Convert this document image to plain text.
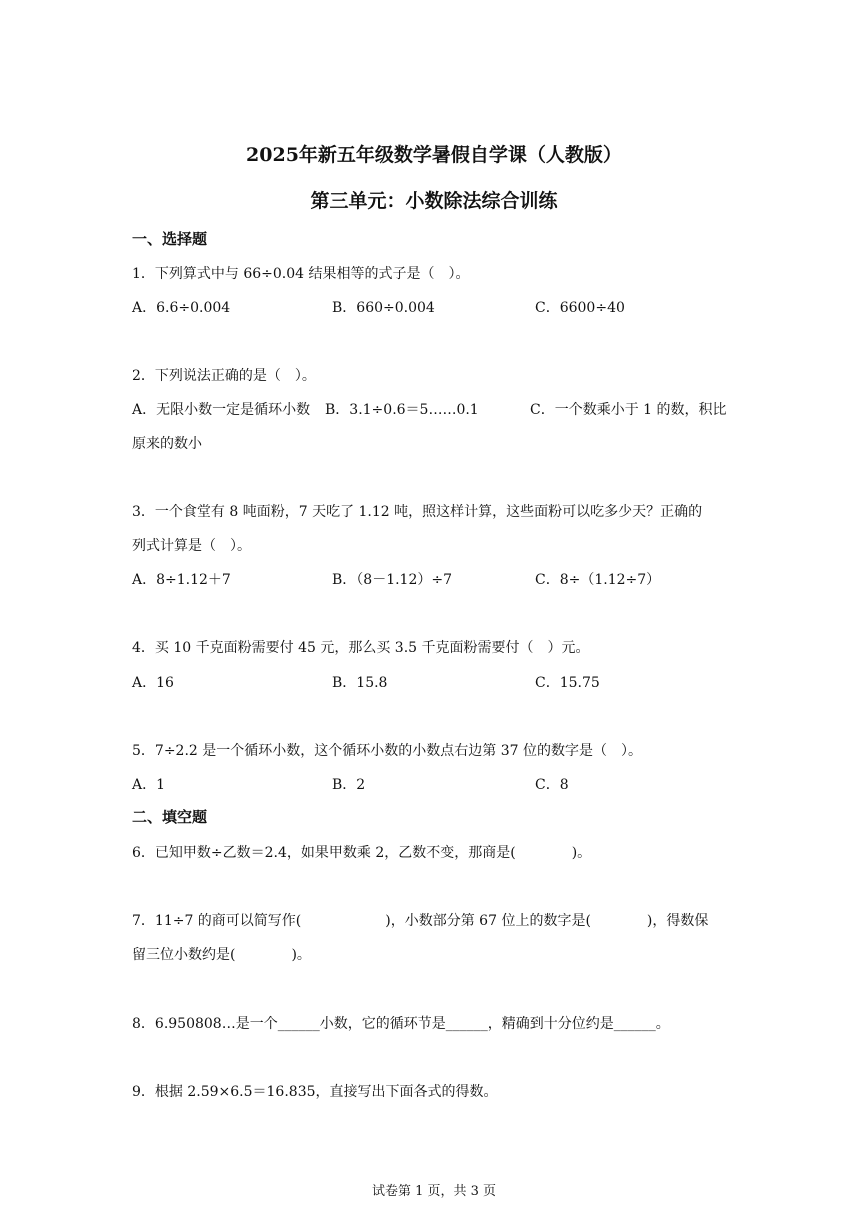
2025年新五年级数学暑假自学课（人教版）
第三单元：小数除法综合训练
一、选择题
1．下列算式中与 66÷0.04 结果相等的式子是（　）。
A．6.6÷0.004	B．660÷0.004	C．6600÷40
2．下列说法正确的是（　）。
A．无限小数一定是循环小数 B．3.1÷0.6＝5……0.1	C．一个数乘小于 1 的数，积比
原来的数小
3．一个食堂有 8 吨面粉，7 天吃了 1.12 吨，照这样计算，这些面粉可以吃多少天？正确的
列式计算是（　）。
A．8÷1.12＋7	B．（8－1.12）÷7	C．8÷（1.12÷7）
4．买 10 千克面粉需要付 45 元，那么买 3.5 千克面粉需要付（　）元。
A．16	B．15.8	C．15.75
5．7÷2.2 是一个循环小数，这个循环小数的小数点右边第 37 位的数字是（　）。
A．1	B．2	C．8
二、填空题
6．已知甲数÷乙数＝2.4，如果甲数乘 2，乙数不变，那商是(　　　　)。
7．11÷7 的商可以简写作(　　　　　　)，小数部分第 67 位上的数字是(　　　　)，得数保
留三位小数约是(　　　　)。
8．6.950808…是一个______小数，它的循环节是______，精确到十分位约是______。
9．根据 2.59×6.5＝16.835，直接写出下面各式的得数。
试卷第 1 页，共 3 页
